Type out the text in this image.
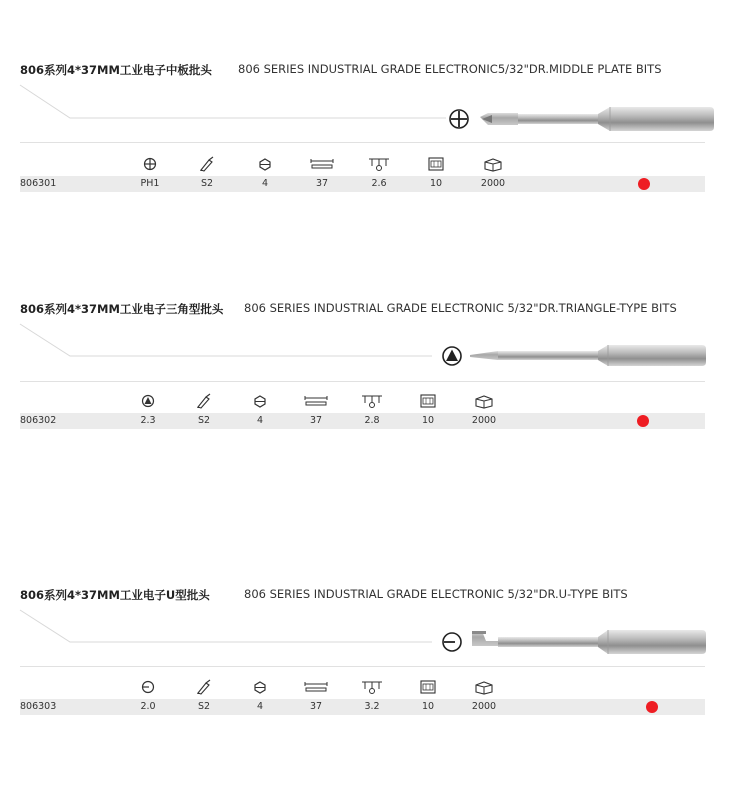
806系列4*37MM工业电子中板批头 806 SERIES INDUSTRIAL GRADE ELECTRONIC5/32"DR.MIDDLE PLATE BITS
806301	PH1	S2	4	37	2.6	10	2000
806系列4*37MM工业电子三角型批头 806 SERIES INDUSTRIAL GRADE ELECTRONIC 5/32"DR.TRIANGLE-TYPE BITS
806302	2.3	S2	4	37	2.8	10	2000
806系列4*37MM工业电子U型批头	806 SERIES INDUSTRIAL GRADE ELECTRONIC 5/32"DR.U-TYPE BITS
806303	2.0	S2	4	37	3.2	10	2000
